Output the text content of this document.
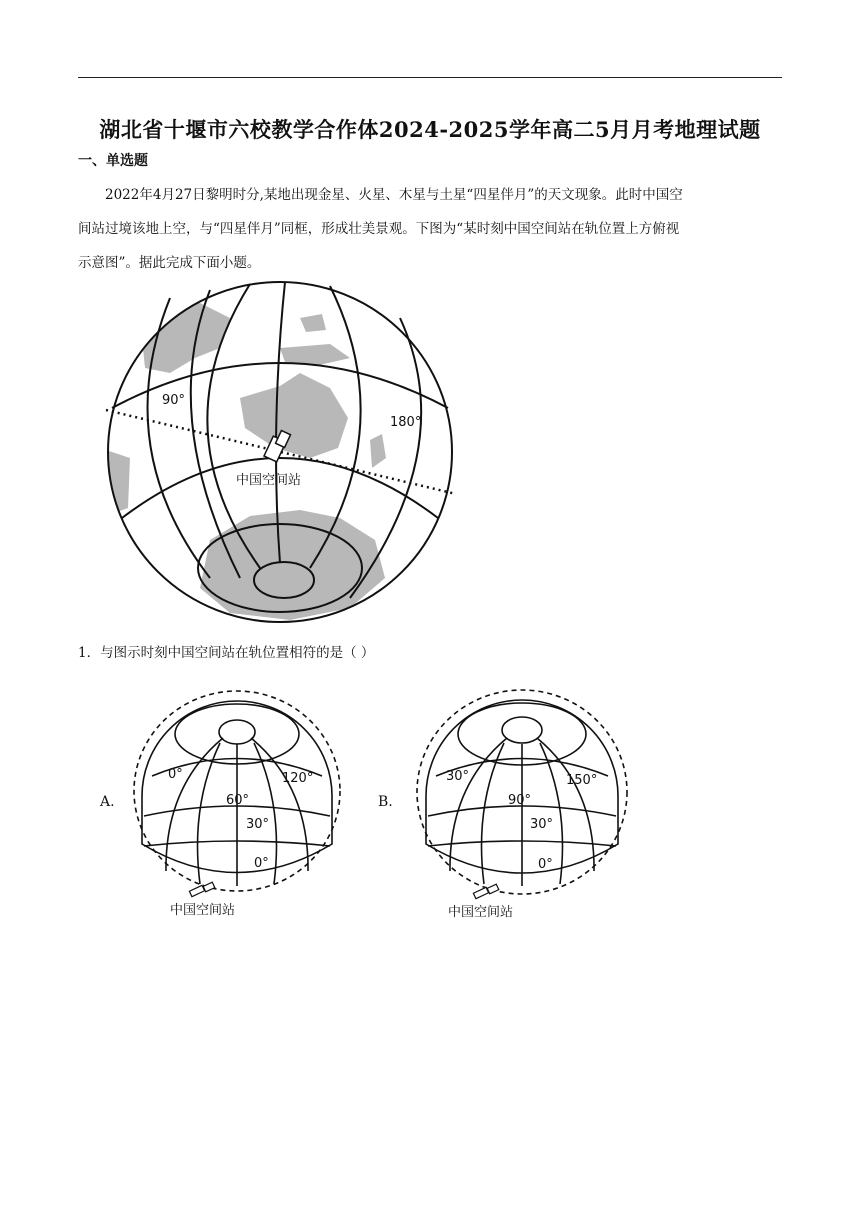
湖北省十堰市六校教学合作体2024-2025学年高二5月月考地理试题
一、单选题
2022年4月27日黎明时分,某地出现金星、火星、木星与土星“四星伴月”的天文现象。此时中国空
间站过境该地上空，与“四星伴月”同框，形成壮美景观。下图为“某时刻中国空间站在轨位置上方俯视
示意图”。据此完成下面小题。
中国空间站
90°
180°
1．与图示时刻中国空间站在轨位置相符的是（ ）
A.
0°	120°
60°
30°
0°
中国空间站
B.
30°	150°
90°
30°
0°
中国空间站
